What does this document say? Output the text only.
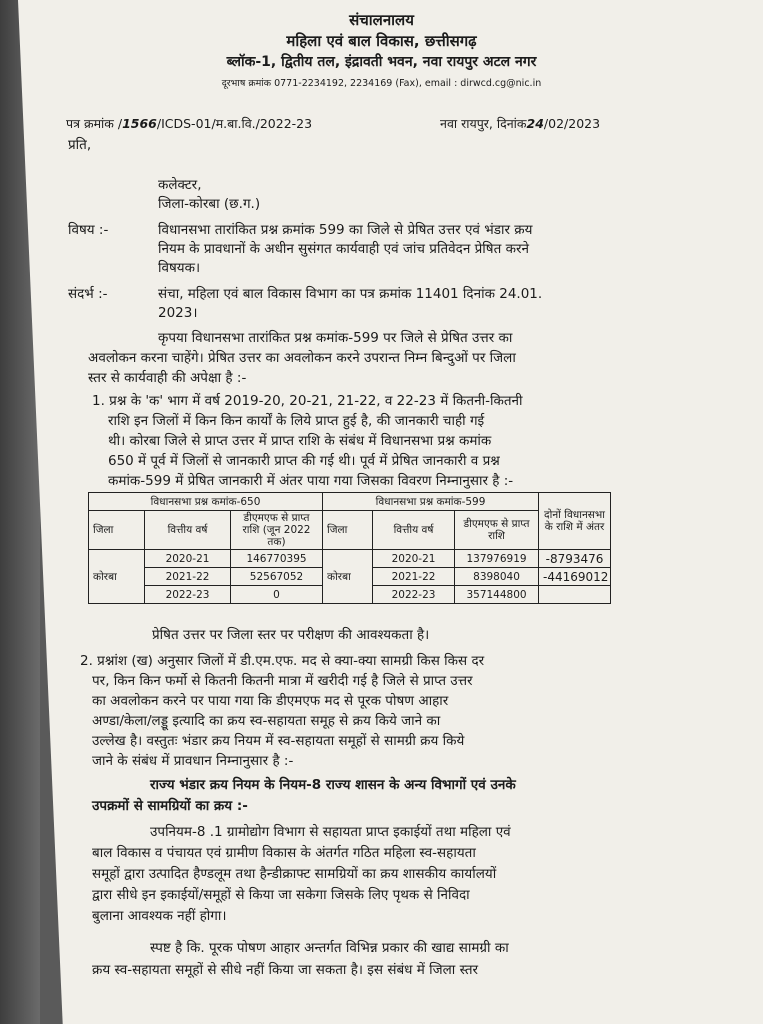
संचालनालय
महिला एवं बाल विकास, छत्तीसगढ़
ब्लॉक-1, द्वितीय तल, इंद्रावती भवन, नवा रायपुर अटल नगर
दूरभाष क्रमांक 0771-2234192, 2234169 (Fax), email : dirwcd.cg@nic.in
पत्र क्रमांक /1566/ICDS-01/म.बा.वि./2022-23	नवा रायपुर, दिनांक24/02/2023
प्रति,
कलेक्टर,
जिला-कोरबा (छ.ग.)
विषय :-	विधानसभा तारांकित प्रश्न क्रमांक 599 का जिले से प्रेषित उत्तर एवं भंडार क्रय
नियम के प्रावधानों के अधीन सुसंगत कार्यवाही एवं जांच प्रतिवेदन प्रेषित करने
विषयक।
संदर्भ :-	संचा, महिला एवं बाल विकास विभाग का पत्र क्रमांक 11401 दिनांक 24.01.
2023।
कृपया विधानसभा तारांकित प्रश्न कमांक-599 पर जिले से प्रेषित उत्तर का
अवलोकन करना चाहेंगे। प्रेषित उत्तर का अवलोकन करने उपरान्त निम्न बिन्दुओं पर जिला
स्तर से कार्यवाही की अपेक्षा है :-
1. प्रश्न के 'क' भाग में वर्ष 2019-20, 20-21, 21-22, व 22-23 में कितनी-कितनी
राशि इन जिलों में किन किन कार्यों के लिये प्राप्त हुई है, की जानकारी चाही गई
थी। कोरबा जिले से प्राप्त उत्तर में प्राप्त राशि के संबंध में विधानसभा प्रश्न कमांक
650 में पूर्व में जिलों से जानकारी प्राप्त की गई थी। पूर्व में प्रेषित जानकारी व प्रश्न
कमांक-599 में प्रेषित जानकारी में अंतर पाया गया जिसका विवरण निम्नानुसार है :-
विधानसभा प्रश्न कमांक-650			विधानसभा प्रश्न कमांक-599			दोनों विधानसभा के राशि में अंतर
जिला	वित्तीय वर्ष	डीएमएफ से प्राप्त राशि (जून 2022 तक)	जिला	वित्तीय वर्ष	डीएमएफ से प्राप्त राशि	
कोरबा	2020-21	146770395	कोरबा	2020-21	137976919	-8793476
	2021-22	52567052		2021-22	8398040	-44169012
	2022-23	0		2022-23	357144800	
प्रेषित उत्तर पर जिला स्तर पर परीक्षण की आवश्यकता है।
2. प्रश्नांश (ख) अनुसार जिलों में डी.एम.एफ. मद से क्या-क्या सामग्री किस किस दर
पर, किन किन फर्मो से कितनी कितनी मात्रा में खरीदी गई है जिले से प्राप्त उत्तर
का अवलोकन करने पर पाया गया कि डीएमएफ मद से पूरक पोषण आहार
अण्डा/केला/लड्डू इत्यादि का क्रय स्व-सहायता समूह से क्रय किये जाने का
उल्लेख है। वस्तुतः भंडार क्रय नियम में स्व-सहायता समूहों से सामग्री क्रय किये
जाने के संबंध में प्रावधान निम्नानुसार है :-
राज्य भंडार क्रय नियम के नियम-8 राज्य शासन के अन्य विभागों एवं उनके
उपक्रमों से सामग्रियों का क्रय :-
उपनियम-8 .1 ग्रामोद्योग विभाग से सहायता प्राप्त इकाईयों तथा महिला एवं
बाल विकास व पंचायत एवं ग्रामीण विकास के अंतर्गत गठित महिला स्व-सहायता
समूहों द्वारा उत्पादित हैण्डलूम तथा हैन्डीक्राफ्ट सामग्रियों का क्रय शासकीय कार्यालयों
द्वारा सीधे इन इकाईयों/समूहों से किया जा सकेगा जिसके लिए पृथक से निविदा
बुलाना आवश्यक नहीं होगा।
स्पष्ट है कि. पूरक पोषण आहार अन्तर्गत विभिन्न प्रकार की खाद्य सामग्री का
क्रय स्व-सहायता समूहों से सीधे नहीं किया जा सकता है। इस संबंध में जिला स्तर
